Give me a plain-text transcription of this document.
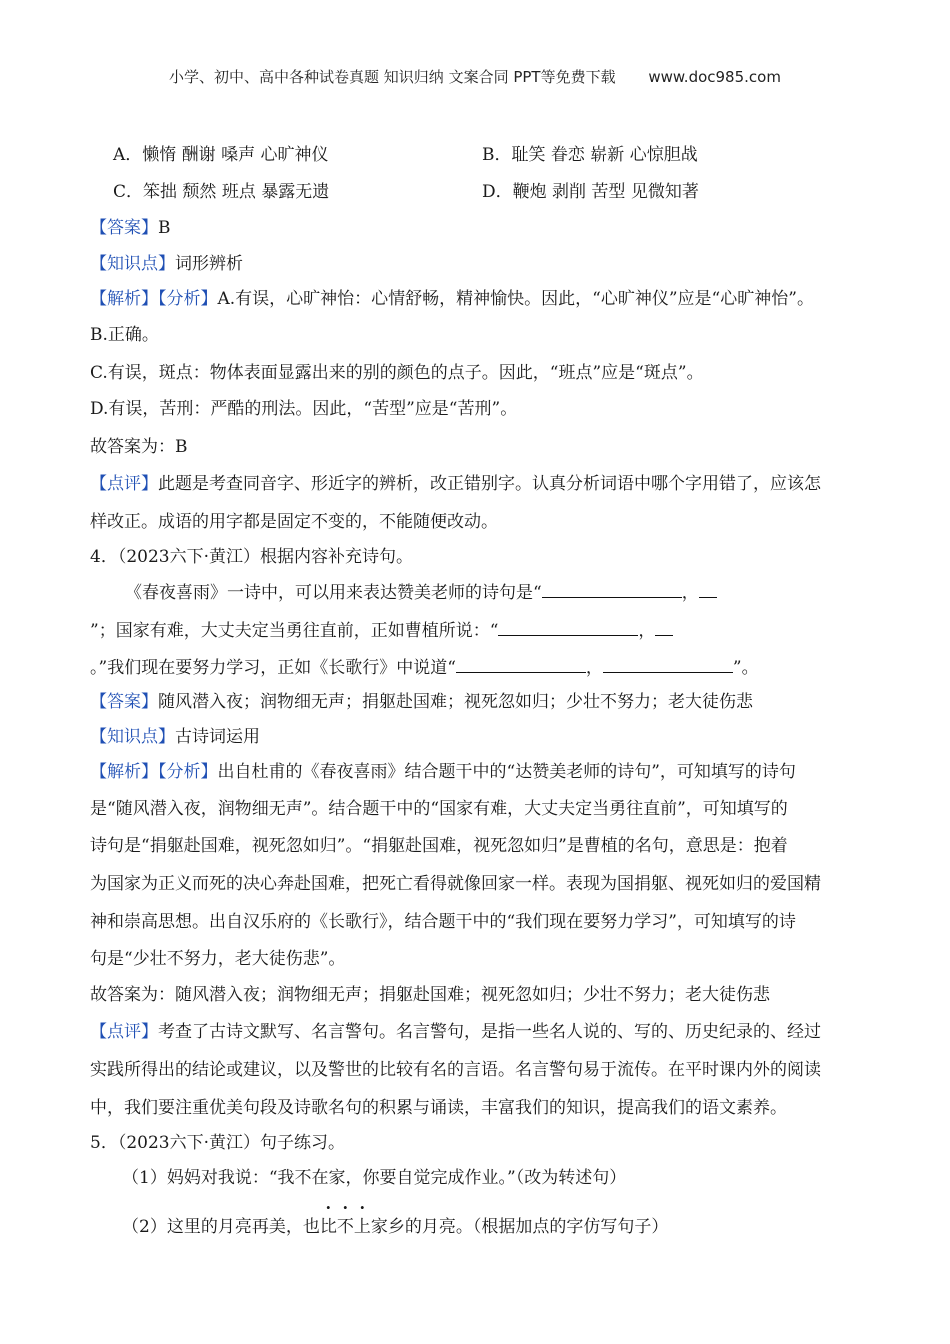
小学、初中、高中各种试卷真题 知识归纳 文案合同 PPT等免费下载 www.doc985.com
A．懒惰 酬谢 嗓声 心旷神仪	B．耻笑 眷恋 崭新 心惊胆战
C．笨拙 颓然 班点 暴露无遗	D．鞭炮 剥削 苦型 见微知著
【答案】B
【知识点】词形辨析
【解析】【分析】A.有误，心旷神怡：心情舒畅，精神愉快。因此，“心旷神仪”应是“心旷神怡”。
B.正确。
C.有误，斑点：物体表面显露出来的别的颜色的点子。因此，“班点”应是“斑点”。
D.有误，苦刑：严酷的刑法。因此，“苦型”应是“苦刑”。
故答案为：B
【点评】此题是考查同音字、形近字的辨析，改正错别字。认真分析词语中哪个字用错了，应该怎
样改正。成语的用字都是固定不变的，不能随便改动。
4．（2023六下·黄江）根据内容补充诗句。
《春夜喜雨》一诗中，可以用来表达赞美老师的诗句是“	，
”；国家有难，大丈夫定当勇往直前，正如曹植所说：“	，
。”我们现在要努力学习，正如《长歌行》中说道“	，	”。
【答案】随风潜入夜；润物细无声；捐躯赴国难；视死忽如归；少壮不努力；老大徒伤悲
【知识点】古诗词运用
【解析】【分析】出自杜甫的《春夜喜雨》结合题干中的“达赞美老师的诗句”，可知填写的诗句
是“随风潜入夜，润物细无声”。结合题干中的“国家有难，大丈夫定当勇往直前”，可知填写的
诗句是“捐躯赴国难，视死忽如归”。“捐躯赴国难，视死忽如归”是曹植的名句，意思是：抱着
为国家为正义而死的决心奔赴国难，把死亡看得就像回家一样。表现为国捐躯、视死如归的爱国精
神和崇高思想。出自汉乐府的《长歌行》，结合题干中的“我们现在要努力学习”，可知填写的诗
句是“少壮不努力，老大徒伤悲”。
故答案为：随风潜入夜；润物细无声；捐躯赴国难；视死忽如归；少壮不努力；老大徒伤悲
【点评】考查了古诗文默写、名言警句。名言警句，是指一些名人说的、写的、历史纪录的、经过
实践所得出的结论或建议，以及警世的比较有名的言语。名言警句易于流传。在平时课内外的阅读
中，我们要注重优美句段及诗歌名句的积累与诵读，丰富我们的知识，提高我们的语文素养。
5．（2023六下·黄江）句子练习。
（1）妈妈对我说：“我不在家，你要自觉完成作业。”（改为转述句）
（2）这里的月亮再美，也比不上家乡的月亮。（根据加点的字仿写句子）
